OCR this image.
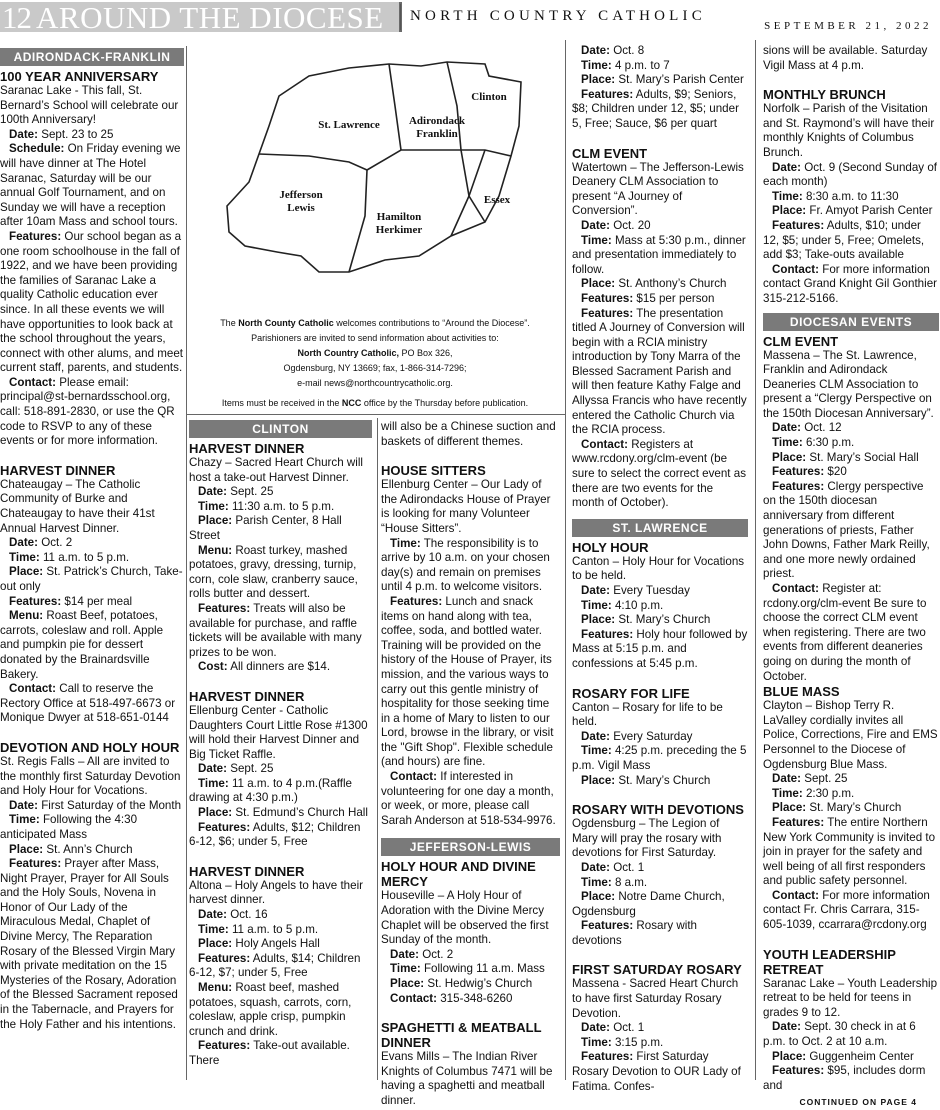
12 AROUND THE DIOCESE NORTH COUNTRY CATHOLIC
SEPTEMBER 21, 2022
St. Lawrence
Clinton
Adirondack
Franklin
Jefferson
Lewis
Essex
Hamilton
Herkimer
The North County Catholic welcomes contributions to “Around the Diocese”.
Parishioners are invited to send information about activities to:
North Country Catholic, PO Box 326,
Ogdensburg, NY 13669; fax, 1-866-314-7296;
e-mail news@northcountrycatholic.org.
Items must be received in the NCC office by the Thursday before publication.
ADIRONDACK-FRANKLIN
100 YEAR ANNIVERSARY
Saranac Lake - This fall, St. Bernard’s School will celebrate our 100th Anniversary!
Date: Sept. 23 to 25
Schedule: On Friday evening we will have dinner at The Hotel Saranac, Saturday will be our annual Golf Tournament, and on Sunday we will have a reception after 10am Mass and school tours.
Features: Our school began as a one room schoolhouse in the fall of 1922, and we have been providing the families of Saranac Lake a quality Catholic education ever since. In all these events we will have opportunities to look back at the school throughout the years, connect with other alums, and meet current staff, parents, and students.
Contact: Please email: principal@st-bernardsschool.org, call: 518-891-2830, or use the QR code to RSVP to any of these events or for more information.
HARVEST DINNER
Chateaugay – The Catholic Community of Burke and Chateaugay to have their 41st Annual Harvest Dinner.
Date: Oct. 2
Time: 11 a.m. to 5 p.m.
Place: St. Patrick’s Church, Take-out only
Features: $14 per meal
Menu: Roast Beef, potatoes, carrots, coleslaw and roll. Apple and pumpkin pie for dessert donated by the Brainardsville Bakery.
Contact: Call to reserve the Rectory Office at 518-497-6673 or Monique Dwyer at 518-651-0144
DEVOTION AND HOLY HOUR
St. Regis Falls – All are invited to the monthly first Saturday Devotion and Holy Hour for Vocations.
Date: First Saturday of the Month
Time: Following the 4:30 anticipated Mass
Place: St. Ann’s Church
Features: Prayer after Mass, Night Prayer, Prayer for All Souls and the Holy Souls, Novena in Honor of Our Lady of the Miraculous Medal, Chaplet of Divine Mercy, The Reparation Rosary of the Blessed Virgin Mary with private meditation on the 15 Mysteries of the Rosary, Adoration of the Blessed Sacrament reposed in the Tabernacle, and Prayers for the Holy Father and his intentions.
CLINTON
HARVEST DINNER
Chazy – Sacred Heart Church will host a take-out Harvest Dinner.
Date: Sept. 25
Time: 11:30 a.m. to 5 p.m.
Place: Parish Center, 8 Hall Street
Menu: Roast turkey, mashed potatoes, gravy, dressing, turnip, corn, cole slaw, cranberry sauce, rolls butter and dessert.
Features: Treats will also be available for purchase, and raffle tickets will be available with many prizes to be won.
Cost: All dinners are $14.
HARVEST DINNER
Ellenburg Center - Catholic Daughters Court Little Rose #1300 will hold their Harvest Dinner and Big Ticket Raffle.
Date: Sept. 25
Time: 11 a.m. to 4 p.m.(Raffle drawing at 4:30 p.m.)
Place: St. Edmund’s Church Hall
Features: Adults, $12; Children 6-12, $6; under 5, Free
HARVEST DINNER
Altona – Holy Angels to have their harvest dinner.
Date: Oct. 16
Time: 11 a.m. to 5 p.m.
Place: Holy Angels Hall
Features: Adults, $14; Children 6-12, $7; under 5, Free
Menu: Roast beef, mashed potatoes, squash, carrots, corn, coleslaw, apple crisp, pumpkin crunch and drink.
Features: Take-out available. There
will also be a Chinese suction and baskets of different themes.
HOUSE SITTERS
Ellenburg Center – Our Lady of the Adirondacks House of Prayer is looking for many Volunteer “House Sitters”.
Time: The responsibility is to arrive by 10 a.m. on your chosen day(s) and remain on premises until 4 p.m. to welcome visitors.
Features: Lunch and snack items on hand along with tea, coffee, soda, and bottled water. Training will be provided on the history of the House of Prayer, its mission, and the various ways to carry out this gentle ministry of hospitality for those seeking time in a home of Mary to listen to our Lord, browse in the library, or visit the "Gift Shop". Flexible schedule (and hours) are fine.
Contact: If interested in volunteering for one day a month, or week, or more, please call Sarah Anderson at 518-534-9976.
JEFFERSON-LEWIS
HOLY HOUR AND DIVINE MERCY
Houseville – A Holy Hour of Adoration with the Divine Mercy Chaplet will be observed the first Sunday of the month.
Date: Oct. 2
Time: Following 11 a.m. Mass
Place: St. Hedwig’s Church
Contact: 315-348-6260
SPAGHETTI & MEATBALL DINNER
Evans Mills – The Indian River Knights of Columbus 7471 will be having a spaghetti and meatball dinner.
Date: Oct. 8
Time: 4 p.m. to 7
Place: St. Mary’s Parish Center
Features: Adults, $9; Seniors, $8; Children under 12, $5; under 5, Free; Sauce, $6 per quart
CLM EVENT
Watertown – The Jefferson-Lewis Deanery CLM Association to present “A Journey of Conversion”.
Date: Oct. 20
Time: Mass at 5:30 p.m., dinner and presentation immediately to follow.
Place: St. Anthony’s Church
Features: $15 per person
Features: The presentation titled A Journey of Conversion will begin with a RCIA ministry introduction by Tony Marra of the Blessed Sacrament Parish and will then feature Kathy Falge and Allyssa Francis who have recently entered the Catholic Church via the RCIA process.
Contact: Registers at www.rcdony.org/clm-event (be sure to select the correct event as there are two events for the month of October).
ST. LAWRENCE
HOLY HOUR
Canton – Holy Hour for Vocations to be held.
Date: Every Tuesday
Time: 4:10 p.m.
Place: St. Mary’s Church
Features: Holy hour followed by Mass at 5:15 p.m. and confessions at 5:45 p.m.
ROSARY FOR LIFE
Canton – Rosary for life to be held.
Date: Every Saturday
Time: 4:25 p.m. preceding the 5 p.m. Vigil Mass
Place: St. Mary’s Church
ROSARY WITH DEVOTIONS
Ogdensburg – The Legion of Mary will pray the rosary with devotions for First Saturday.
Date: Oct. 1
Time: 8 a.m.
Place: Notre Dame Church, Ogdensburg
Features: Rosary with devotions
FIRST SATURDAY ROSARY
Massena - Sacred Heart Church to have first Saturday Rosary Devotion.
Date: Oct. 1
Time: 3:15 p.m.
Features: First Saturday Rosary Devotion to OUR Lady of Fatima. Confes-
sions will be available. Saturday Vigil Mass at 4 p.m.
MONTHLY BRUNCH
Norfolk – Parish of the Visitation and St. Raymond’s will have their monthly Knights of Columbus Brunch.
Date: Oct. 9 (Second Sunday of each month)
Time: 8:30 a.m. to 11:30
Place: Fr. Amyot Parish Center
Features: Adults, $10; under 12, $5; under 5, Free; Omelets, add $3; Take-outs available
Contact: For more information contact Grand Knight Gil Gonthier 315-212-5166.
DIOCESAN EVENTS
CLM EVENT
Massena – The St. Lawrence, Franklin and Adirondack Deaneries CLM Association to present a “Clergy Perspective on the 150th Diocesan Anniversary”.
Date: Oct. 12
Time: 6:30 p.m.
Place: St. Mary’s Social Hall
Features: $20
Features: Clergy perspective on the 150th diocesan anniversary from different generations of priests, Father John Downs, Father Mark Reilly, and one more newly ordained priest.
Contact: Register at: rcdony.org/clm-event Be sure to choose the correct CLM event when registering. There are two events from different deaneries going on during the month of October.
BLUE MASS
Clayton – Bishop Terry R. LaValley cordially invites all Police, Corrections, Fire and EMS Personnel to the Diocese of Ogdensburg Blue Mass.
Date: Sept. 25
Time: 2:30 p.m.
Place: St. Mary’s Church
Features: The entire Northern New York Community is invited to join in prayer for the safety and well being of all first responders and public safety personnel.
Contact: For more information contact Fr. Chris Carrara, 315-605-1039, ccarrara@rcdony.org
YOUTH LEADERSHIP RETREAT
Saranac Lake – Youth Leadership retreat to be held for teens in grades 9 to 12.
Date: Sept. 30 check in at 6 p.m. to Oct. 2 at 10 a.m.
Place: Guggenheim Center
Features: $95, includes dorm and
CONTINUED ON PAGE 4
